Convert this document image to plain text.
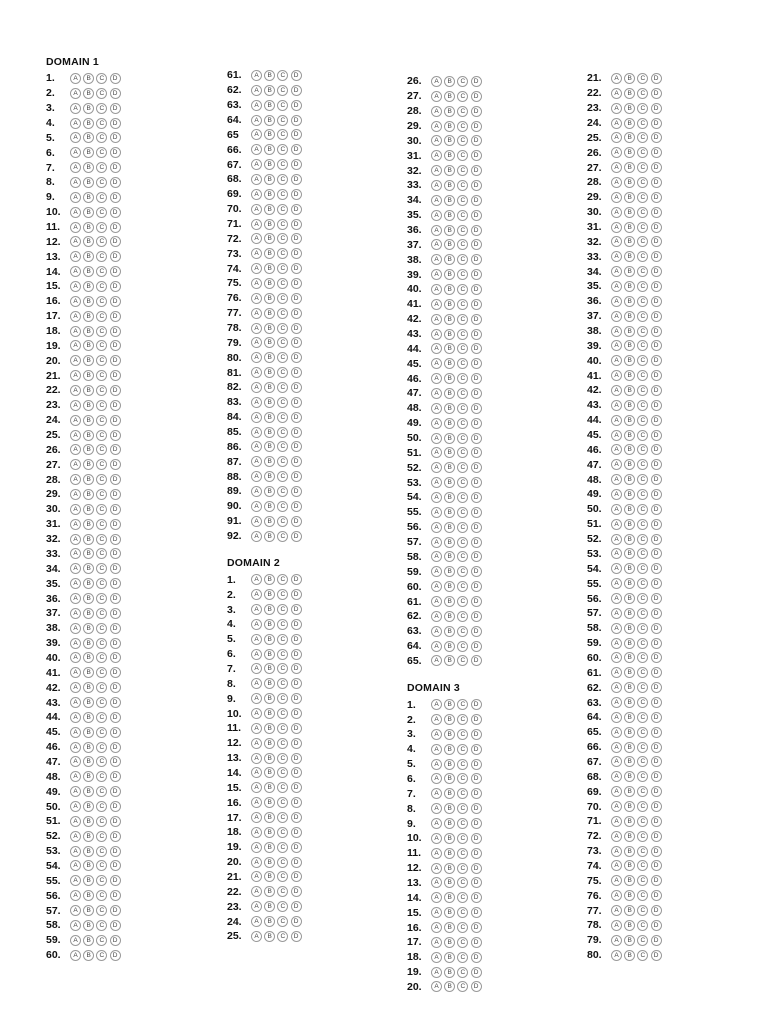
DOMAIN 1
1.	A	B	C	D
2.	A	B	C	D
3.	A	B	C	D
4.	A	B	C	D
5.	A	B	C	D
6.	A	B	C	D
7.	A	B	C	D
8.	A	B	C	D
9.	A	B	C	D
10.	A	B	C	D
11.	A	B	C	D
12.	A	B	C	D
13.	A	B	C	D
14.	A	B	C	D
15.	A	B	C	D
16.	A	B	C	D
17.	A	B	C	D
18.	A	B	C	D
19.	A	B	C	D
20.	A	B	C	D
21.	A	B	C	D
22.	A	B	C	D
23.	A	B	C	D
24.	A	B	C	D
25.	A	B	C	D
26.	A	B	C	D
27.	A	B	C	D
28.	A	B	C	D
29.	A	B	C	D
30.	A	B	C	D
31.	A	B	C	D
32.	A	B	C	D
33.	A	B	C	D
34.	A	B	C	D
35.	A	B	C	D
36.	A	B	C	D
37.	A	B	C	D
38.	A	B	C	D
39.	A	B	C	D
40.	A	B	C	D
41.	A	B	C	D
42.	A	B	C	D
43.	A	B	C	D
44.	A	B	C	D
45.	A	B	C	D
46.	A	B	C	D
47.	A	B	C	D
48.	A	B	C	D
49.	A	B	C	D
50.	A	B	C	D
51.	A	B	C	D
52.	A	B	C	D
53.	A	B	C	D
54.	A	B	C	D
55.	A	B	C	D
56.	A	B	C	D
57.	A	B	C	D
58.	A	B	C	D
59.	A	B	C	D
60.	A	B	C	D
61.	A	B	C	D
62.	A	B	C	D
63.	A	B	C	D
64.	A	B	C	D
65	A	B	C	D
66.	A	B	C	D
67.	A	B	C	D
68.	A	B	C	D
69.	A	B	C	D
70.	A	B	C	D
71.	A	B	C	D
72.	A	B	C	D
73.	A	B	C	D
74.	A	B	C	D
75.	A	B	C	D
76.	A	B	C	D
77.	A	B	C	D
78.	A	B	C	D
79.	A	B	C	D
80.	A	B	C	D
81.	A	B	C	D
82.	A	B	C	D
83.	A	B	C	D
84.	A	B	C	D
85.	A	B	C	D
86.	A	B	C	D
87.	A	B	C	D
88.	A	B	C	D
89.	A	B	C	D
90.	A	B	C	D
91.	A	B	C	D
92.	A	B	C	D
DOMAIN 2
1.	A	B	C	D
2.	A	B	C	D
3.	A	B	C	D
4.	A	B	C	D
5.	A	B	C	D
6.	A	B	C	D
7.	A	B	C	D
8.	A	B	C	D
9.	A	B	C	D
10.	A	B	C	D
11.	A	B	C	D
12.	A	B	C	D
13.	A	B	C	D
14.	A	B	C	D
15.	A	B	C	D
16.	A	B	C	D
17.	A	B	C	D
18.	A	B	C	D
19.	A	B	C	D
20.	A	B	C	D
21.	A	B	C	D
22.	A	B	C	D
23.	A	B	C	D
24.	A	B	C	D
25.	A	B	C	D
26.	A	B	C	D
27.	A	B	C	D
28.	A	B	C	D
29.	A	B	C	D
30.	A	B	C	D
31.	A	B	C	D
32.	A	B	C	D
33.	A	B	C	D
34.	A	B	C	D
35.	A	B	C	D
36.	A	B	C	D
37.	A	B	C	D
38.	A	B	C	D
39.	A	B	C	D
40.	A	B	C	D
41.	A	B	C	D
42.	A	B	C	D
43.	A	B	C	D
44.	A	B	C	D
45.	A	B	C	D
46.	A	B	C	D
47.	A	B	C	D
48.	A	B	C	D
49.	A	B	C	D
50.	A	B	C	D
51.	A	B	C	D
52.	A	B	C	D
53.	A	B	C	D
54.	A	B	C	D
55.	A	B	C	D
56.	A	B	C	D
57.	A	B	C	D
58.	A	B	C	D
59.	A	B	C	D
60.	A	B	C	D
61.	A	B	C	D
62.	A	B	C	D
63.	A	B	C	D
64.	A	B	C	D
65.	A	B	C	D
DOMAIN 3
1.	A	B	C	D
2.	A	B	C	D
3.	A	B	C	D
4.	A	B	C	D
5.	A	B	C	D
6.	A	B	C	D
7.	A	B	C	D
8.	A	B	C	D
9.	A	B	C	D
10.	A	B	C	D
11.	A	B	C	D
12.	A	B	C	D
13.	A	B	C	D
14.	A	B	C	D
15.	A	B	C	D
16.	A	B	C	D
17.	A	B	C	D
18.	A	B	C	D
19.	A	B	C	D
20.	A	B	C	D
21.	A	B	C	D
22.	A	B	C	D
23.	A	B	C	D
24.	A	B	C	D
25.	A	B	C	D
26.	A	B	C	D
27.	A	B	C	D
28.	A	B	C	D
29.	A	B	C	D
30.	A	B	C	D
31.	A	B	C	D
32.	A	B	C	D
33.	A	B	C	D
34.	A	B	C	D
35.	A	B	C	D
36.	A	B	C	D
37.	A	B	C	D
38.	A	B	C	D
39.	A	B	C	D
40.	A	B	C	D
41.	A	B	C	D
42.	A	B	C	D
43.	A	B	C	D
44.	A	B	C	D
45.	A	B	C	D
46.	A	B	C	D
47.	A	B	C	D
48.	A	B	C	D
49.	A	B	C	D
50.	A	B	C	D
51.	A	B	C	D
52.	A	B	C	D
53.	A	B	C	D
54.	A	B	C	D
55.	A	B	C	D
56.	A	B	C	D
57.	A	B	C	D
58.	A	B	C	D
59.	A	B	C	D
60.	A	B	C	D
61.	A	B	C	D
62.	A	B	C	D
63.	A	B	C	D
64.	A	B	C	D
65.	A	B	C	D
66.	A	B	C	D
67.	A	B	C	D
68.	A	B	C	D
69.	A	B	C	D
70.	A	B	C	D
71.	A	B	C	D
72.	A	B	C	D
73.	A	B	C	D
74.	A	B	C	D
75.	A	B	C	D
76.	A	B	C	D
77.	A	B	C	D
78.	A	B	C	D
79.	A	B	C	D
80.	A	B	C	D
